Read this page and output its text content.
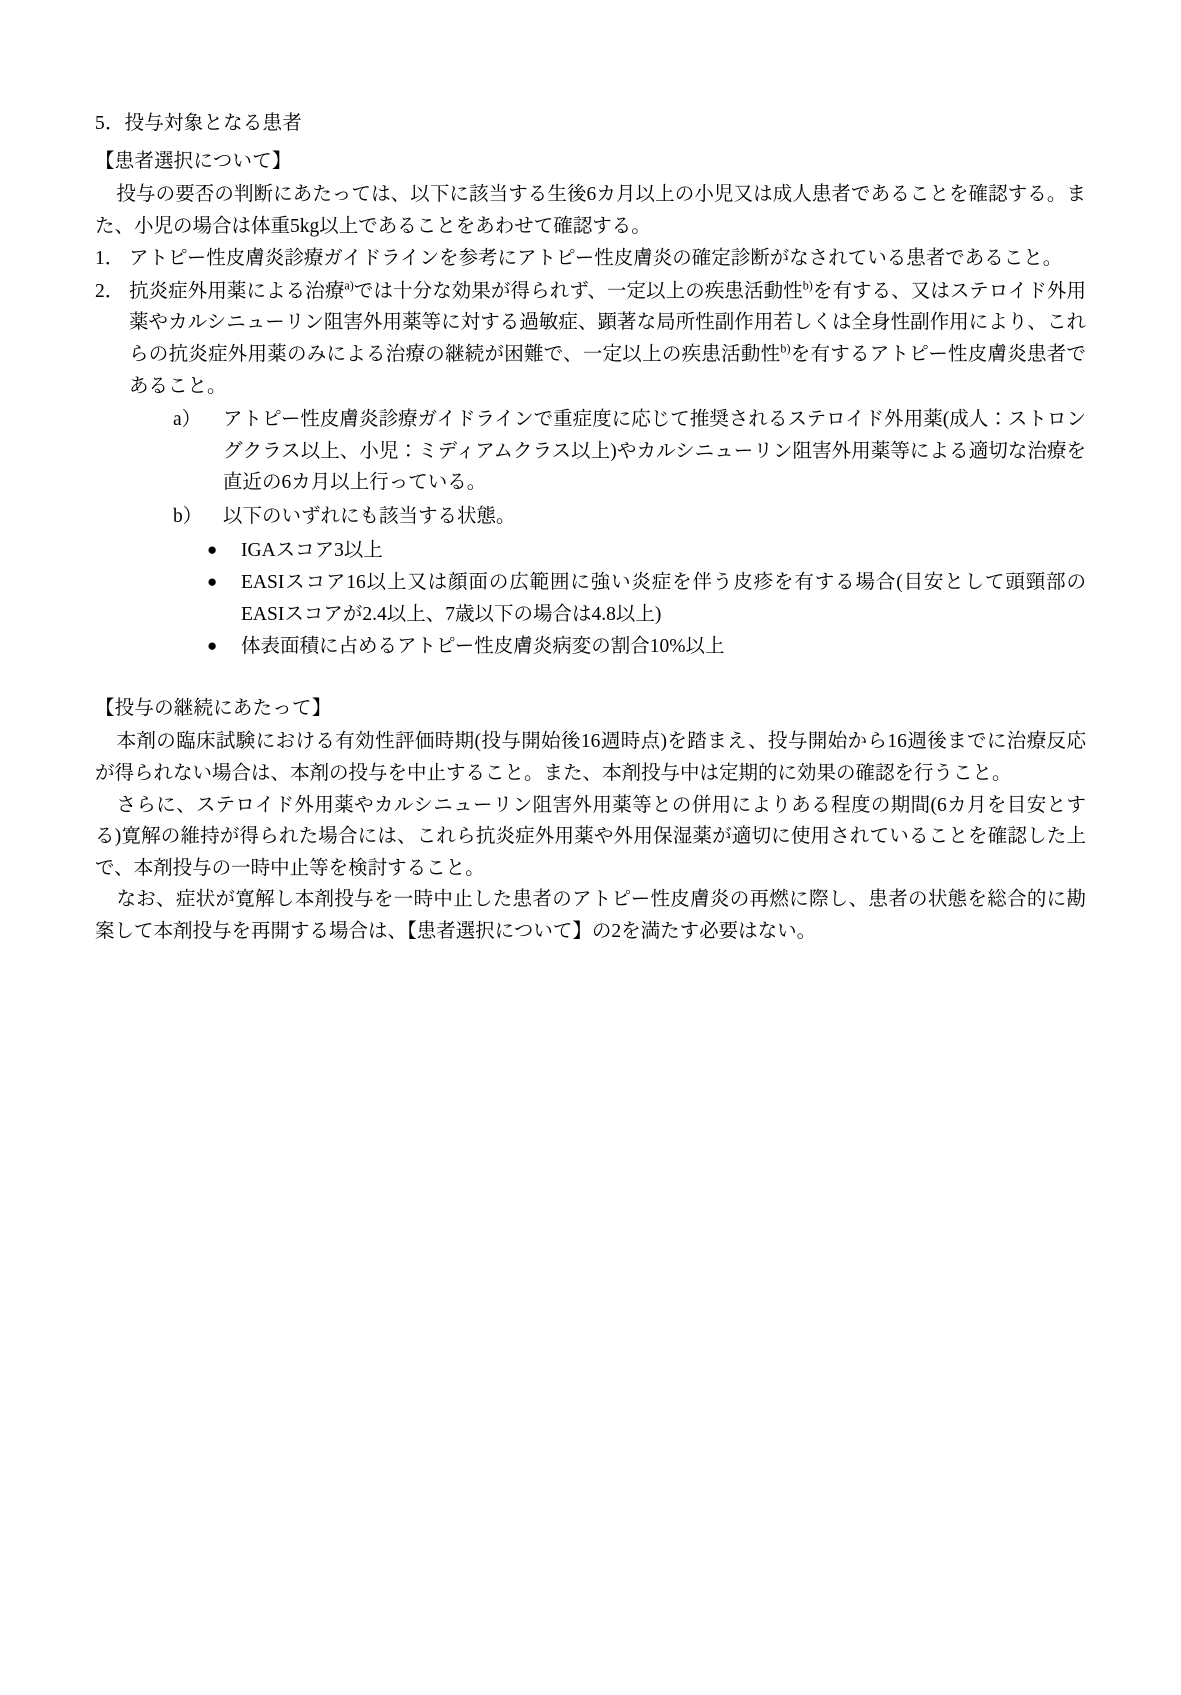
5．投与対象となる患者

【患者選択について】

投与の要否の判断にあたっては、以下に該当する生後6カ月以上の小児又は成人患者であることを確認する。また、小児の場合は体重5kg以上であることをあわせて確認する。

1． アトピー性皮膚炎診療ガイドラインを参考にアトピー性皮膚炎の確定診断がなされている患者であること。
2． 抗炎症外用薬による治療$^{a)}$では十分な効果が得られず、一定以上の疾患活動性$^{b)}$を有する、又はステロイド外用薬やカルシニューリン阻害外用薬等に対する過敏症、顕著な局所性副作用若しくは全身性副作用により、これらの抗炎症外用薬のみによる治療の継続が困難で、一定以上の疾患活動性$^{b)}$を有するアトピー性皮膚炎患者であること。
a）	アトピー性皮膚炎診療ガイドラインで重症度に応じて推奨されるステロイド外用薬(成人：ストロングクラス以上、小児：ミディアムクラス以上)やカルシニューリン阻害外用薬等による適切な治療を直近の6カ月以上行っている。
b）	以下のいずれにも該当する状態。
●	IGAスコア3以上
●	EASIスコア16以上又は顔面の広範囲に強い炎症を伴う皮疹を有する場合(目安として頭頸部のEASIスコアが2.4以上、7歳以下の場合は4.8以上)
●	体表面積に占めるアトピー性皮膚炎病変の割合10%以上

【投与の継続にあたって】

本剤の臨床試験における有効性評価時期(投与開始後16週時点)を踏まえ、投与開始から16週後までに治療反応が得られない場合は、本剤の投与を中止すること。また、本剤投与中は定期的に効果の確認を行うこと。

さらに、ステロイド外用薬やカルシニューリン阻害外用薬等との併用によりある程度の期間(6カ月を目安とする)寛解の維持が得られた場合には、これら抗炎症外用薬や外用保湿薬が適切に使用されていることを確認した上で、本剤投与の一時中止等を検討すること。

なお、症状が寛解し本剤投与を一時中止した患者のアトピー性皮膚炎の再燃に際し、患者の状態を総合的に勘案して本剤投与を再開する場合は、【患者選択について】の2を満たす必要はない。
